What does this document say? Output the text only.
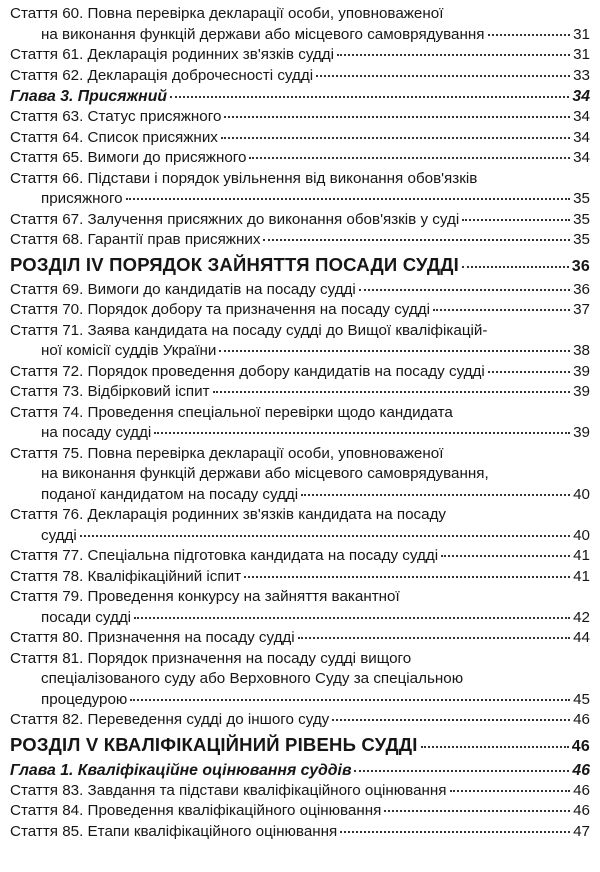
Стаття 60. Повна перевірка декларації особи, уповноваженої
на виконання функцій держави або місцевого самоврядування	31
Стаття 61. Декларація родинних зв'язків судді	31
Стаття 62. Декларація доброчесності судді	33
Глава 3. Присяжний	34
Стаття 63. Статус присяжного	34
Стаття 64. Список присяжних	34
Стаття 65. Вимоги до присяжного	34
Стаття 66. Підстави і порядок увільнення від виконання обов'язків
присяжного	35
Стаття 67. Залучення присяжних до виконання обов'язків у суді	35
Стаття 68. Гарантії прав присяжних	35
РОЗДІЛ IV ПОРЯДОК ЗАЙНЯТТЯ ПОСАДИ СУДДІ	36
Стаття 69. Вимоги до кандидатів на посаду судді	36
Стаття 70. Порядок добору та призначення на посаду судді	37
Стаття 71. Заява кандидата на посаду судді до Вищої кваліфікацій-
ної комісії суддів України	38
Стаття 72. Порядок проведення добору кандидатів на посаду судді	39
Стаття 73. Відбірковий іспит	39
Стаття 74. Проведення спеціальної перевірки щодо кандидата
на посаду судді	39
Стаття 75. Повна перевірка декларації особи, уповноваженої
на виконання функцій держави або місцевого самоврядування,
поданої кандидатом на посаду судді	40
Стаття 76. Декларація родинних зв'язків кандидата на посаду
судді	40
Стаття 77. Спеціальна підготовка кандидата на посаду судді	41
Стаття 78. Кваліфікаційний іспит	41
Стаття 79. Проведення конкурсу на зайняття вакантної
посади судді	42
Стаття 80. Призначення на посаду судді	44
Стаття 81. Порядок призначення на посаду судді вищого
спеціалізованого суду або Верховного Суду за спеціальною
процедурою	45
Стаття 82. Переведення судді до іншого суду	46
РОЗДІЛ V КВАЛІФІКАЦІЙНИЙ РІВЕНЬ СУДДІ	46
Глава 1. Кваліфікаційне оцінювання суддів	46
Стаття 83. Завдання та підстави кваліфікаційного оцінювання	46
Стаття 84. Проведення кваліфікаційного оцінювання	46
Стаття 85. Етапи кваліфікаційного оцінювання	47
